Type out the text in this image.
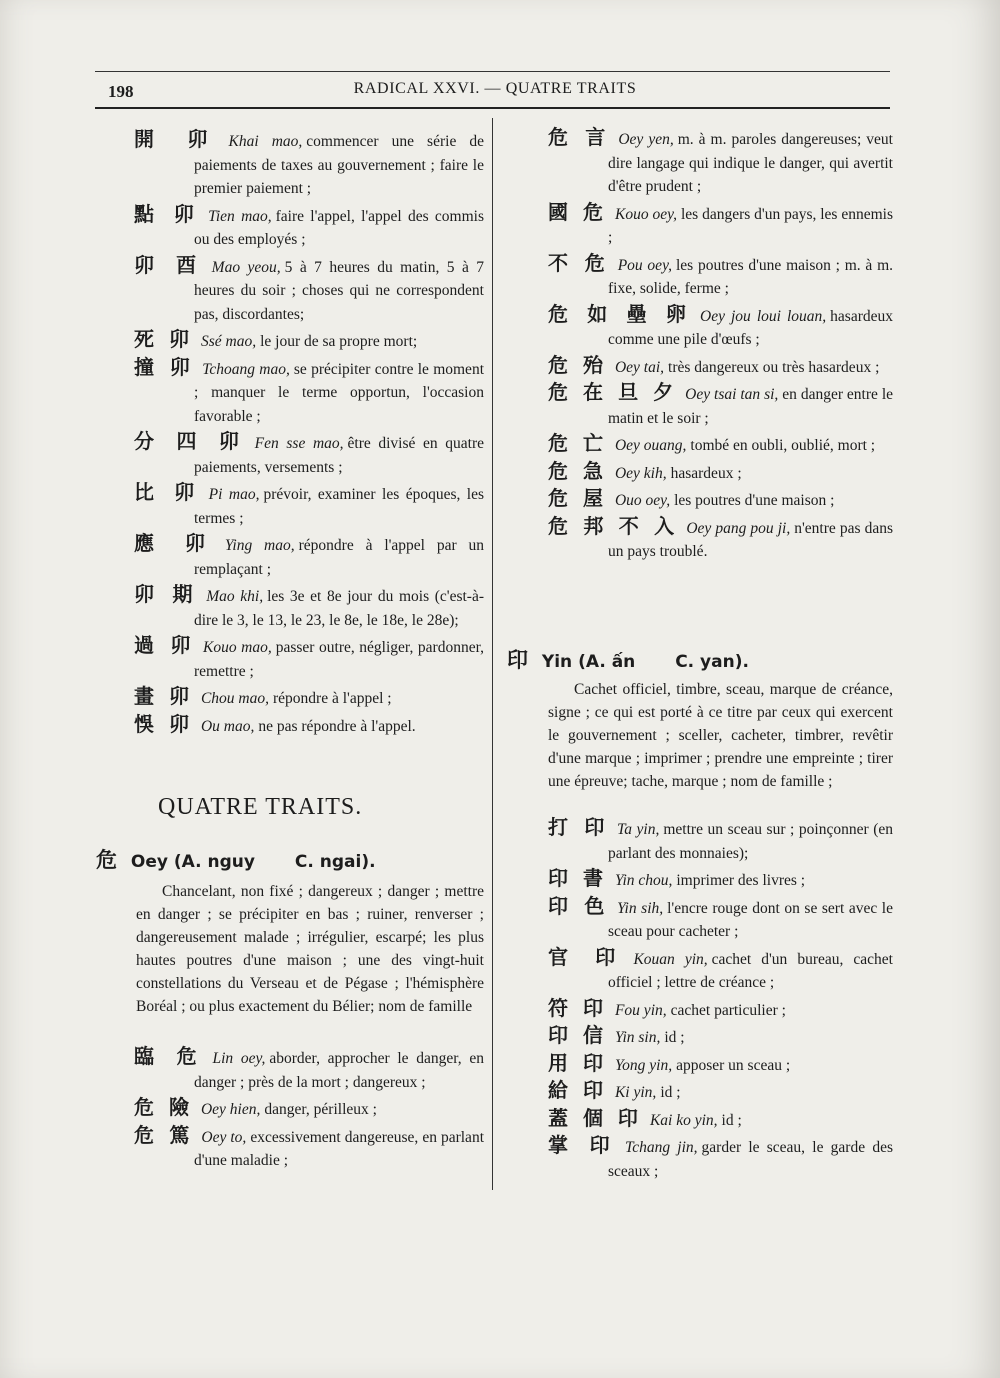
198	RADICAL XXVI. — QUATRE TRAITS
開 卯 Khai mao, commencer une série de paiements de taxes au gouvernement ; faire le premier paiement ;
點 卯 Tien mao, faire l'appel, l'appel des commis ou des employés ;
卯 酉 Mao yeou, 5 à 7 heures du matin, 5 à 7 heures du soir ; choses qui ne correspondent pas, discordantes;
死 卯 Ssé mao, le jour de sa propre mort;
撞 卯 Tchoang mao, se précipiter contre le moment ; manquer le terme opportun, l'occasion favorable ;
分 四 卯 Fen sse mao, être divisé en quatre paiements, versements ;
比 卯 Pi mao, prévoir, examiner les époques, les termes ;
應 卯 Ying mao, répondre à l'appel par un remplaçant ;
卯 期 Mao khi, les 3e et 8e jour du mois (c'est-à-dire le 3, le 13, le 23, le 8e, le 18e, le 28e);
過 卯 Kouo mao, passer outre, négliger, pardonner, remettre ;
畫 卯 Chou mao, répondre à l'appel ;
悞 卯 Ou mao, ne pas répondre à l'appel.
QUATRE TRAITS.
危 Oey (A. nguy C. ngai).
Chancelant, non fixé ; dangereux ; danger ; mettre en danger ; se précipiter en bas ; ruiner, renverser ; dangereusement malade ; irrégulier, escarpé; les plus hautes poutres d'une maison ; une des vingt-huit constellations du Verseau et de Pégase ; l'hémisphère Boréal ; ou plus exactement du Bélier; nom de famille
臨 危 Lin oey, aborder, approcher le danger, en danger ; près de la mort ; dangereux ;
危 險 Oey hien, danger, périlleux ;
危 篤 Oey to, excessivement dangereuse, en parlant d'une maladie ;
危 言 Oey yen, m. à m. paroles dangereuses; veut dire langage qui indique le danger, qui avertit d'être prudent ;
國 危 Kouo oey, les dangers d'un pays, les ennemis ;
不 危 Pou oey, les poutres d'une maison ; m. à m. fixe, solide, ferme ;
危 如 壘 卵 Oey jou loui louan, hasardeux comme une pile d'œufs ;
危 殆 Oey tai, très dangereux ou très hasardeux ;
危 在 旦 夕 Oey tsai tan si, en danger entre le matin et le soir ;
危 亡 Oey ouang, tombé en oubli, oublié, mort ;
危 急 Oey kih, hasardeux ;
危 屋 Ouo oey, les poutres d'une maison ;
危 邦 不 入 Oey pang pou ji, n'entre pas dans un pays troublé.
印 Yin (A. ấn C. yan).
Cachet officiel, timbre, sceau, marque de créance, signe ; ce qui est porté à ce titre par ceux qui exercent le gouvernement ; sceller, cacheter, timbrer, revêtir d'une marque ; imprimer ; prendre une empreinte ; tirer une épreuve; tache, marque ; nom de famille ;
打 印 Ta yin, mettre un sceau sur ; poinçonner (en parlant des monnaies);
印 書 Yin chou, imprimer des livres ;
印 色 Yin sih, l'encre rouge dont on se sert avec le sceau pour cacheter ;
官 印 Kouan yin, cachet d'un bureau, cachet officiel ; lettre de créance ;
符 印 Fou yin, cachet particulier ;
印 信 Yin sin, id ;
用 印 Yong yin, apposer un sceau ;
給 印 Ki yin, id ;
蓋 個 印 Kai ko yin, id ;
掌 印 Tchang jin, garder le sceau, le garde des sceaux ;
